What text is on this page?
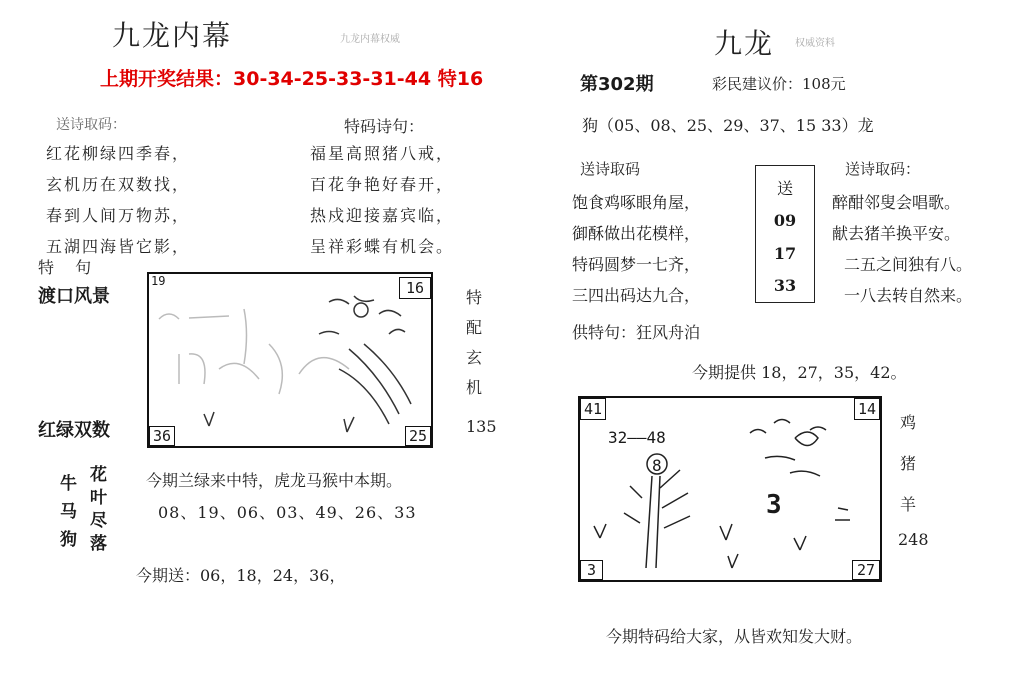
九龙内幕	九龙内幕权威
上期开奖结果：30-34-25-33-31-44 特16
送诗取码：	特码诗句：
红花柳绿四季春，
玄机历在双数找，
春到人间万物苏，
五湖四海皆它影，
福星高照猪八戒，
百花争艳好春开，
热戍迎接嘉宾临，
呈祥彩蝶有机会。
特 句
渡口风景
红绿双数
19	16
36	25
特
配
玄
机
135
牛
马
狗
花
叶
尽
落
今期兰绿来中特，虎龙马猴中本期。
08、19、06、03、49、26、33
今期送：06，18，24，36，
九龙 权威资料
第302期	彩民建议价：108元
狗（05、08、25、29、37、15 33）龙
送诗取码	送诗取码：
饱食鸡啄眼角屋，
御酥做出花模样，
特码圆梦一七齐，
三四出码达九合，
醉酣邻叟会唱歌。
献去猪羊换平安。
二五之间独有八。
一八去转自然来。
送
09
17
33
供特句：狂风舟泊
今期提供 18，27，35，42。
41	14
3	27
32——48
8
3
鸡
猪
羊
248
今期特码给大家，从皆欢知发大财。
